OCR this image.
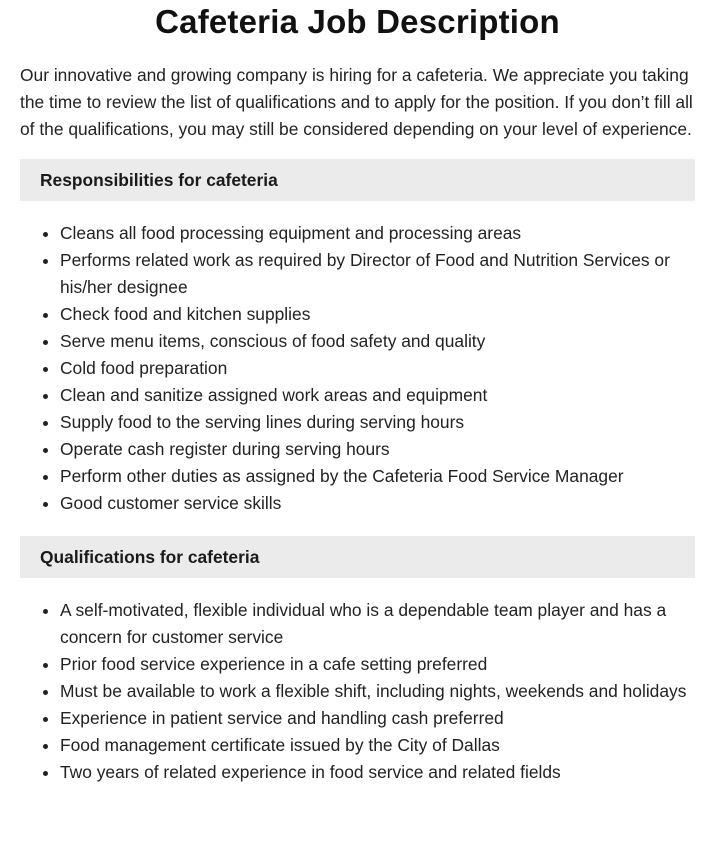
Cafeteria Job Description

Our innovative and growing company is hiring for a cafeteria. We appreciate you taking the time to review the list of qualifications and to apply for the position. If you don’t fill all of the qualifications, you may still be considered depending on your level of experience.

Responsibilities for cafeteria
Cleans all food processing equipment and processing areas
Performs related work as required by Director of Food and Nutrition Services or his/her designee
Check food and kitchen supplies
Serve menu items, conscious of food safety and quality
Cold food preparation
Clean and sanitize assigned work areas and equipment
Supply food to the serving lines during serving hours
Operate cash register during serving hours
Perform other duties as assigned by the Cafeteria Food Service Manager
Good customer service skills
Qualifications for cafeteria
A self-motivated, flexible individual who is a dependable team player and has a concern for customer service
Prior food service experience in a cafe setting preferred
Must be available to work a flexible shift, including nights, weekends and holidays
Experience in patient service and handling cash preferred
Food management certificate issued by the City of Dallas
Two years of related experience in food service and related fields
